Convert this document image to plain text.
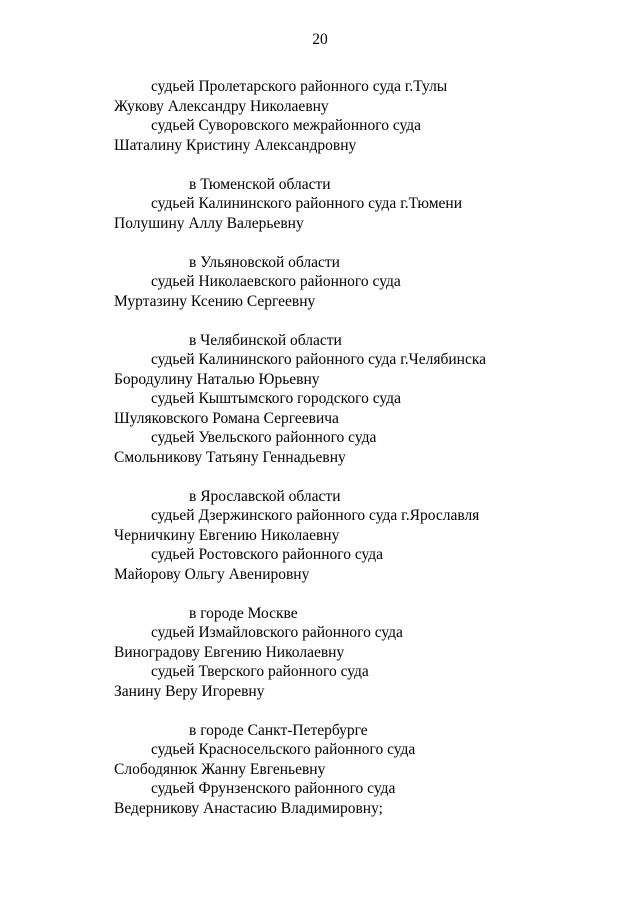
20
судьей Пролетарского районного суда г.Тулы
Жукову Александру Николаевну
судьей Суворовского межрайонного суда
Шаталину Кристину Александровну
в Тюменской области
судьей Калининского районного суда г.Тюмени
Полушину Аллу Валерьевну
в Ульяновской области
судьей Николаевского районного суда
Муртазину Ксению Сергеевну
в Челябинской области
судьей Калининского районного суда г.Челябинска
Бородулину Наталью Юрьевну
судьей Кыштымского городского суда
Шуляковского Романа Сергеевича
судьей Увельского районного суда
Смольникову Татьяну Геннадьевну
в Ярославской области
судьей Дзержинского районного суда г.Ярославля
Черничкину Евгению Николаевну
судьей Ростовского районного суда
Майорову Ольгу Авенировну
в городе Москве
судьей Измайловского районного суда
Виноградову Евгению Николаевну
судьей Тверского районного суда
Занину Веру Игоревну
в городе Санкт-Петербурге
судьей Красносельского районного суда
Слободянюк Жанну Евгеньевну
судьей Фрунзенского районного суда
Ведерникову Анастасию Владимировну;
